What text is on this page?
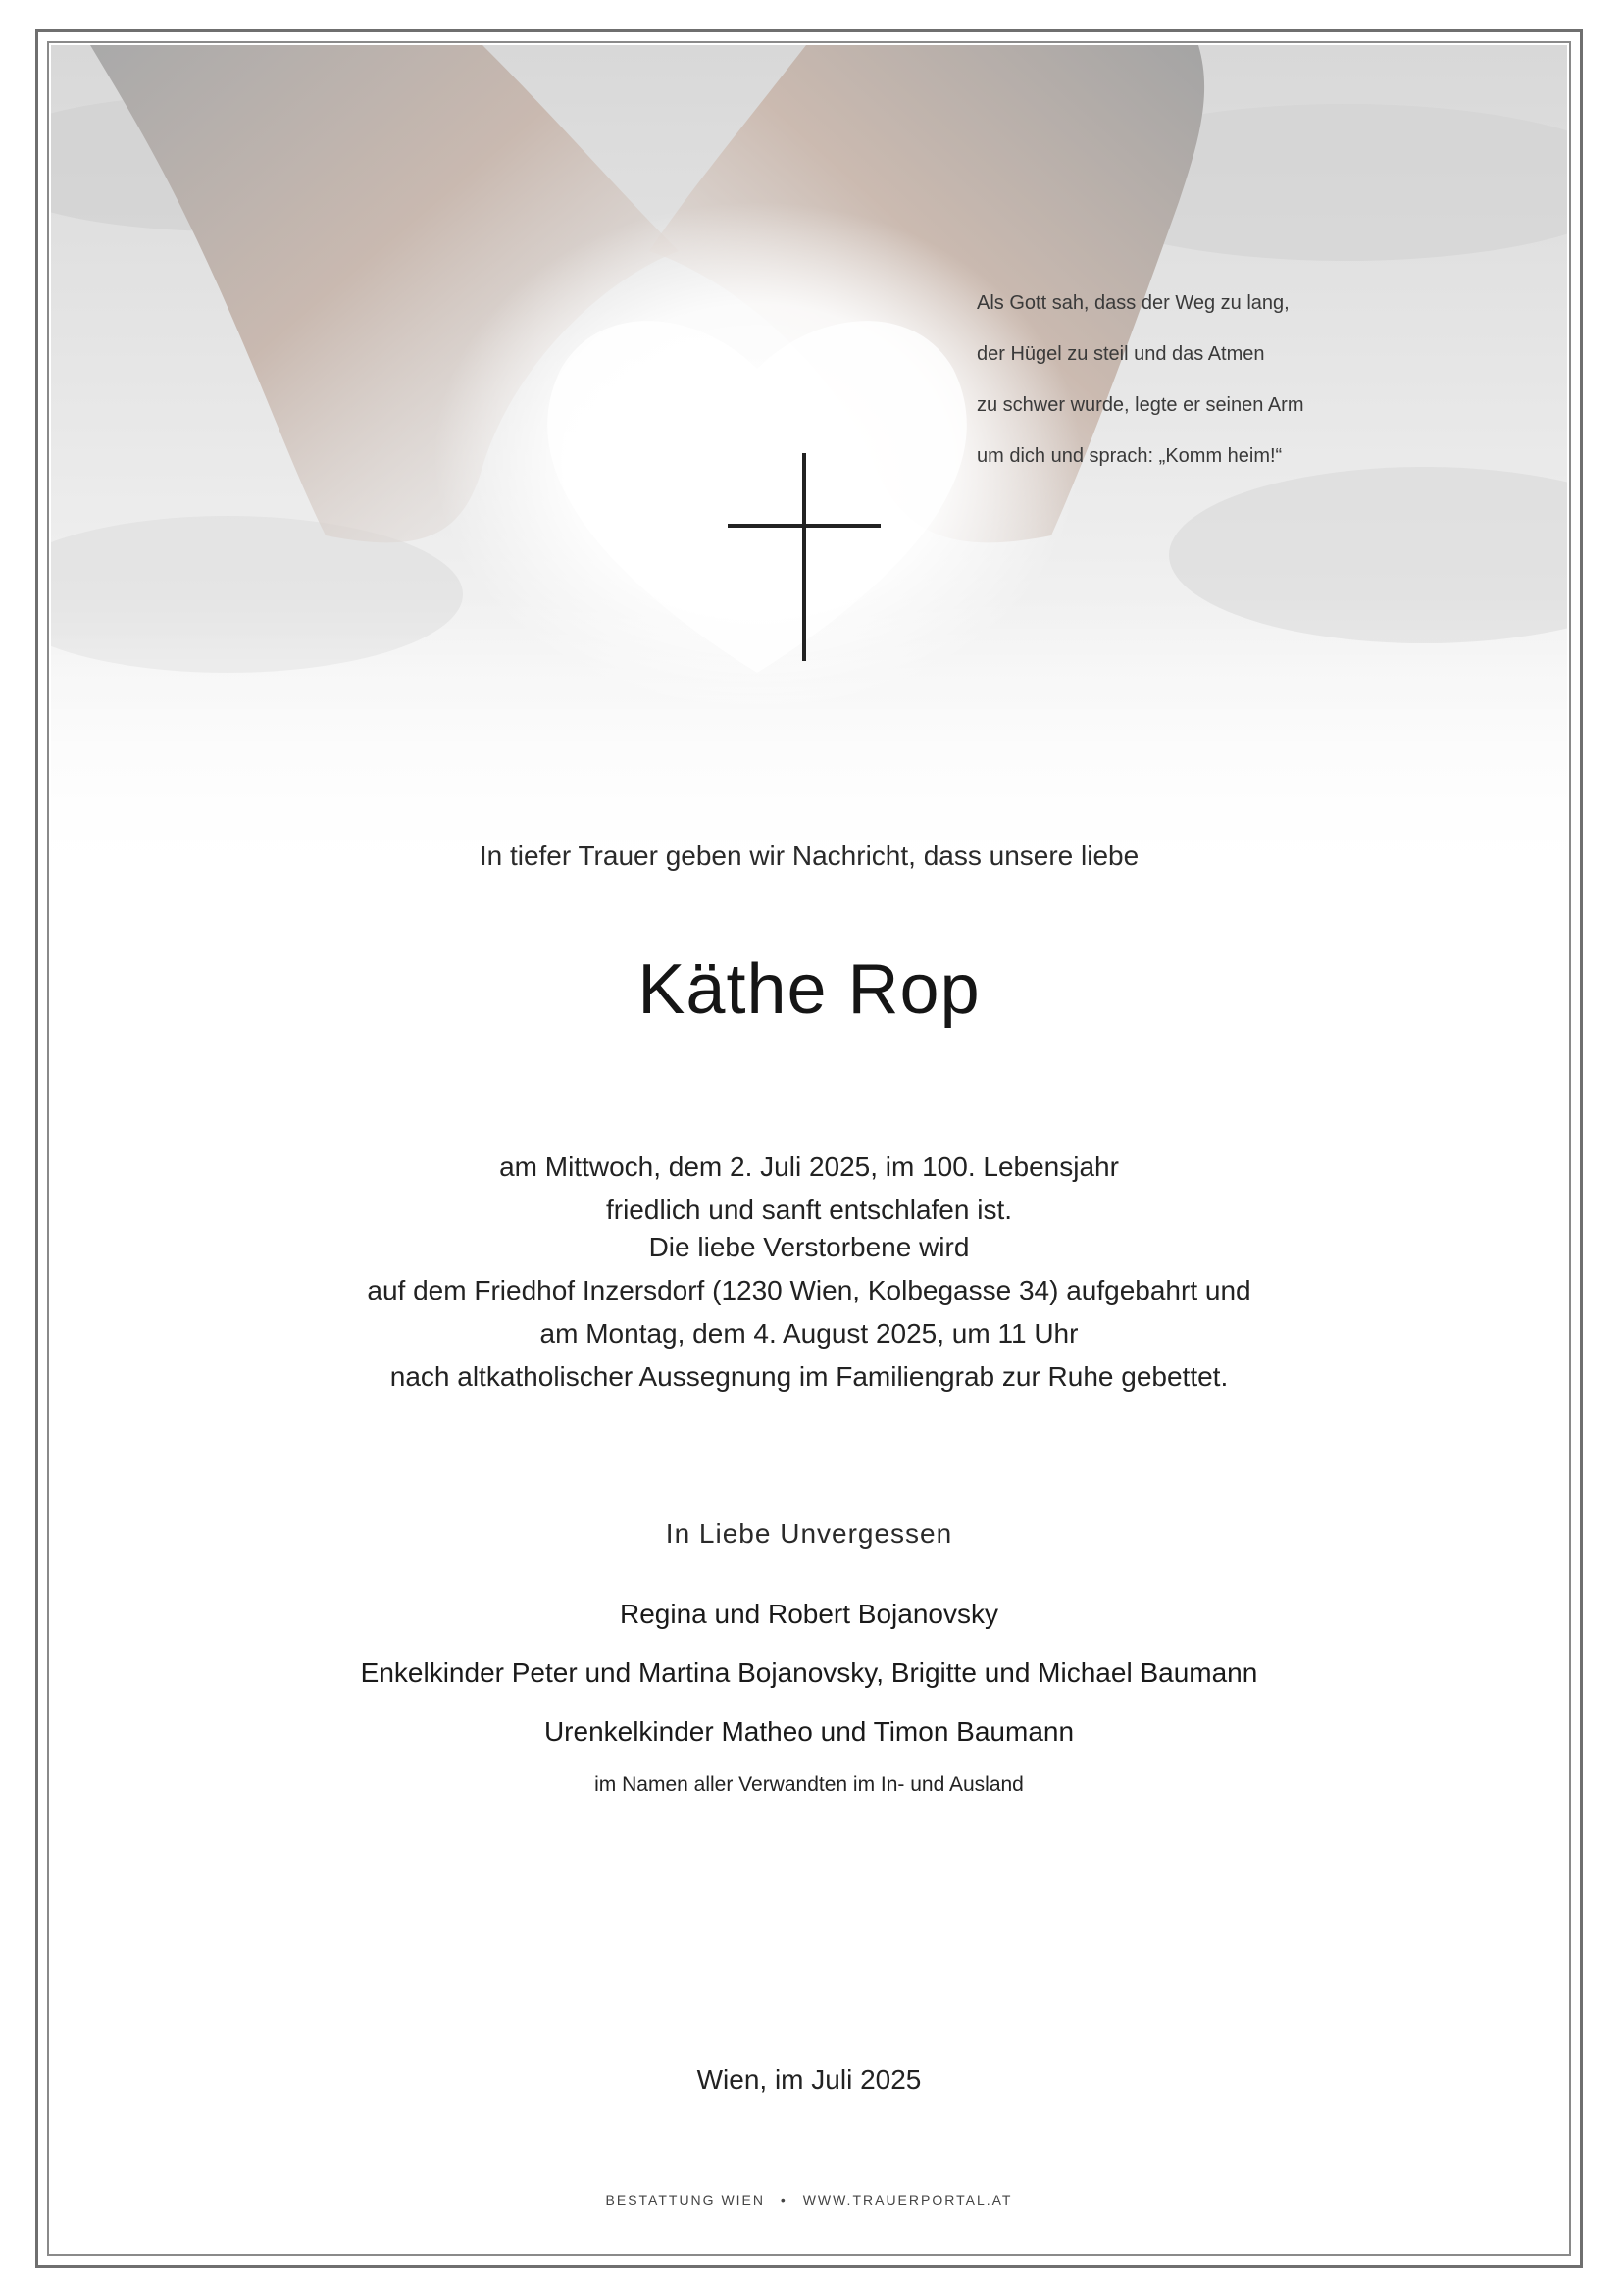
Als Gott sah, dass der Weg zu lang,

der Hügel zu steil und das Atmen

zu schwer wurde, legte er seinen Arm

um dich und sprach: „Komm heim!“

In tiefer Trauer geben wir Nachricht, dass unsere liebe
Käthe Rop
am Mittwoch, dem 2. Juli 2025, im 100. Lebensjahr
friedlich und sanft entschlafen ist.
Die liebe Verstorbene wird
auf dem Friedhof Inzersdorf (1230 Wien, Kolbegasse 34) aufgebahrt und
am Montag, dem 4. August 2025, um 11 Uhr
nach altkatholischer Aussegnung im Familiengrab zur Ruhe gebettet.
In Liebe Unvergessen
Regina und Robert Bojanovsky
Enkelkinder Peter und Martina Bojanovsky, Brigitte und Michael Baumann
Urenkelkinder Matheo und Timon Baumann
im Namen aller Verwandten im In- und Ausland
Wien, im Juli 2025
BESTATTUNG WIEN • WWW.TRAUERPORTAL.AT
